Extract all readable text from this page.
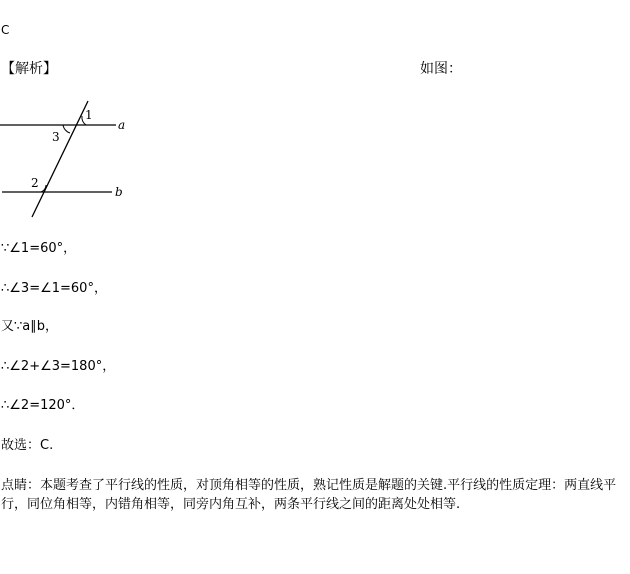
C
【解析】	如图：
1
3
2
a
b
∵∠1=60°，
∴∠3=∠1=60°，
又∵a∥b，
∴∠2+∠3=180°，
∴∠2=120°．
故选：C.
点睛：本题考查了平行线的性质，对顶角相等的性质，熟记性质是解题的关键.平行线的性质定理：两直线平行，同位角相等，内错角相等，同旁内角互补，两条平行线之间的距离处处相等.
